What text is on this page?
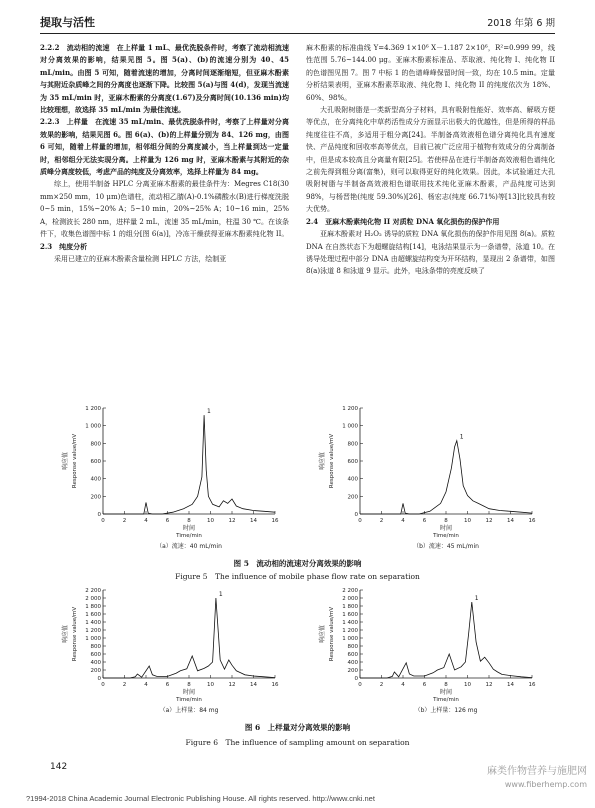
提取与活性	2018 年第 6 期

2.2.2　流动相的流速　在上样量 1 mL、最优洗脱条件时，考察了流动相流速对分离效果的影响，结果见图 5。图 5(a)、(b)的流速分别为 40、45 mL/min。由图 5 可知，随着流速的增加，分离时间逐渐缩短，但亚麻木酚素与其附近杂质峰之间的分离度也逐渐下降。比较图 5(a)与图 4(d)，发现当流速为 35 mL/min 时，亚麻木酚素的分离度(1.67)及分离时间(10.136 min)均比较理想，故选择 35 mL/min 为最佳流速。

2.2.3　上样量　在流速 35 mL/min、最优洗脱条件时，考察了上样量对分离效果的影响，结果见图 6。图 6(a)、(b)的上样量分别为 84、126 mg，由图 6 可知，随着上样量的增加，相邻组分间的分离度减小，当上样量到达一定量时，相邻组分无法实现分离。上样量为 126 mg 时，亚麻木酚素与其附近的杂质峰分离度较低，考虑产品的纯度及分离效率，选择上样量为 84 mg。

综上，使用半制备 HPLC 分离亚麻木酚素的最佳条件为：Megres C18(30 mm×250 mm，10 μm)色谱柱，流动相乙腈(A)-0.1%磷酸水(B)进行梯度洗脱 0~5 min，15%~20% A；5~10 min，20%~25% A；10~16 min，25% A，检测波长 280 nm，进样量 2 mL，流速 35 mL/min，柱温 30 ℃。在该条件下，收集色谱图中标 1 的组分[图 6(a)]，冷冻干燥获得亚麻木酚素纯化物 II。

2.3　纯度分析

采用已建立的亚麻木酚素含量检测 HPLC 方法，绘制亚

麻木酚素的标准曲线 Y=4.369 1×10⁶ X－1.187 2×10⁶，R²=0.999 99，线性范围 5.76~144.00 μg。亚麻木酚素标准品、萃取液、纯化物 I、纯化物 II 的色谱图见图 7。图 7 中标 1 的色谱峰峰保留时间一致，均在 10.5 min。定量分析结果表明，亚麻木酚素萃取液、纯化物 I、纯化物 II 的纯度依次为 18%、60%、98%。

大孔吸附树脂是一类新型高分子材料，具有吸附性能好、效率高、解吸方便等优点，在分离纯化中草药活性成分方面显示出极大的优越性，但是所得的样品纯度往往不高，多适用于粗分离[24]。半制备高效液相色谱分离纯化具有速度快、产品纯度和回收率高等优点，目前已被广泛应用于植物有效成分的分离制备中，但是成本较高且分离量有限[25]。若使样品在进行半制备高效液相色谱纯化之前先得到粗分离(富集)，则可以取得更好的纯化效果。因此，本试验通过大孔吸附树脂与半制备高效液相色谱联用技术纯化亚麻木酚素，产品纯度可达到 98%，与杨晋艳(纯度 59.30%)[26]、杨宏志(纯度 66.71%)等[13]比较具有较大优势。

2.4　亚麻木酚素纯化物 II 对质粒 DNA 氧化损伤的保护作用

亚麻木酚素对 H₂O₂ 诱导的质粒 DNA 氧化损伤的保护作用见图 8(a)。质粒 DNA 在自然状态下为超螺旋结构[14]，电泳结果显示为一条谱带，泳道 10。在诱导处理过程中部分 DNA 由超螺旋结构变为开环结构，显现出 2 条谱带，如图 8(a)泳道 8 和泳道 9 显示。此外，电泳条带的亮度反映了

0
200
400
600
800
1 000
1 200
0	2	4	6	8	10	12	14	16
响应值 Response value/mV
时间
Time/min
1
（a）流速：40 mL/min
0
200
400
600
800
1 000
1 200
0	2	4	6	8	10	12	14	16
响应值 Response value/mV
时间
Time/min
1
（b）流速：45 mL/min
图 5　流动相的流速对分离效果的影响
Figure 5　The influence of mobile phase flow rate on separation
0
200
400
600
800
1 000
1 200
1 400
1 600
1 800
2 000
2 200
0	2	4	6	8	10	12	14	16
响应值 Response value/mV
时间
Time/min
1
（a）上样量：84 mg
0
200
400
600
800
1 000
1 200
1 400
1 600
1 800
2 000
2 200
0	2	4	6	8	10	12	14	16
响应值 Response value/mV
时间
Time/min
1
（b）上样量：126 mg
图 6　上样量对分离效果的影响
Figure 6　The influence of sampling amount on separation
142	麻类作物营养与施肥网
www.fiberhemp.com
?1994-2018 China Academic Journal Electronic Publishing House. All rights reserved. http://www.cnki.net
